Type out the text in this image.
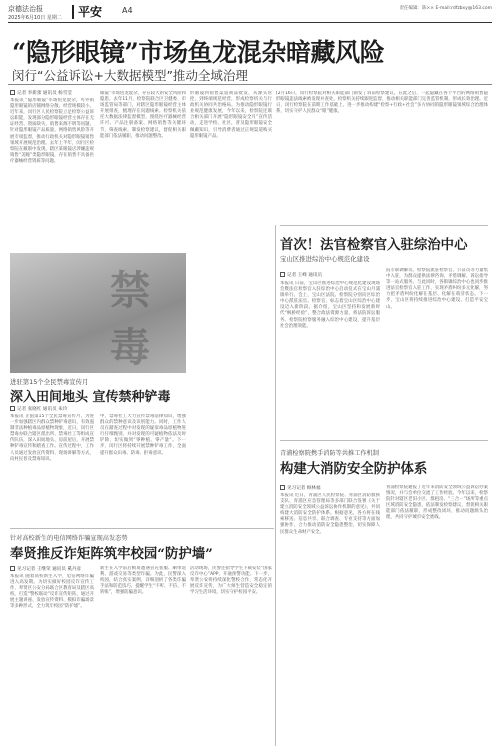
京德法治报
2025年6月10日 星期二 平安 A4	责任编辑：陈×× E-mail:rdfzbxy@163.com
“隐形眼镜”市场鱼龙混杂暗藏风险
闵行“公益诉讼+大数据模型”推动全域治理
记者 李新蕾 通讯员 杨雪莹
本报讯 “隐形眼镜”市场鱼龙混杂，可外销隐形眼镜的店铺网络分散、经营规模较小。近年来，闵行区人民检察院立足检察公益诉讼职能，发现部分隐形眼镜经营主体存在无证经营、资质缺失、销售来源不明等问题，针对隐形眼镜产品质量、网络销售风险等开展专项监督，推动行政机关对隐形眼镜销售领域开展规范治理。去年上半年，闵行区检察院在履职中发现，辖区某眼镜店涉嫌违规销售“美瞳”类隐形眼镜，存在销售不具备医疗器械经营资质等问题。
眼镜”市场鱼龙混杂，存在较大的安全风险和隐患。去年11月，检察院联合区卫健委、市场监管局等部门，对辖区隐形眼镜经营主体开展排查，梳理存在问题线索。检察机关依托大数据法律监督模型，围绕医疗器械经营许可、产品注册备案、网络销售等关键环节，筛查线索，制发检察建议，督促相关职能部门依法履职，推动问题整改。
形眼镜到销售渠道商品批发，从源头管控，到终端规范经营，形成检察机关与行政机关协同共治格局。为推动隐形眼镜行业规范健康发展，今年以来，检察院还联合相关部门开展“隐形眼镜安全月”宣传活动，走进学校、社区，普及隐形眼镜安全佩戴知识，引导消费者通过正规渠道购买隐形眼镜产品。
[2月16日，闵行检察院对相关职能部门制发了诉前检察建议，在此之后，一起隐藏在各个平台的网络销售隐形眼镜违法线索被发现并查处。检察机关持续跟进监督，推动相关职能部门完善监管机制，形成长效治理。近日，闵行检察院在前期工作基础上，进一步推动构建“检察+行政+社会”多方协同的隐形眼镜领域综合治理体系，切实守护人民群众“眼”健康。
禁毒
进驻第15个全民禁毒宣传月
深入田间地头 宣传禁种铲毒
记者 张晓红 通讯员 朱玲
本报讯 正值第15个全民禁毒宣传月，为进一步加强辖区内群众禁种铲毒意识，有效遏制非法种植毒品原植物现象，近日，闵行区禁毒办联合辖区派出所、禁毒社工等组成宣传队伍，深入田间地头、房前屋后，开展禁种铲毒宣传和踏查工作。宣传过程中，工作人员通过发放宣传资料、现场讲解等方式，向村民普及禁毒知识。
中，禁毒社工大力宣传禁毒法律知识，增强群众的禁种意识及识别能力。同时，工作人员在踏查过程中对发现的疑似毒品原植物进行仔细甄别，并对发现的可疑植物依法及时铲除，切实做到“零种植、零产量”。下一步，闵行区将持续开展禁种铲毒工作，全面提升群众识毒、防毒、拒毒意识。
针对高校新生的电信网络诈骗宣现高发态势
奉贤推反诈矩阵筑牢校园“防护墙”
见习记者 王继荣 通讯员 奚丹彦
本报讯 随着高校新生入学，电信网络诈骗进入高发期。为切实做好校园反诈宣传工作，奉贤区公安分局联合区教育局及辖区高校，打造“警校联动”反诈宣传矩阵，通过开展主题讲座、发放宣传资料、模拟诈骗场景等多种形式，全力筑牢校园“防护墙”。
新生在入学前后极易遭遇冒充客服、刷单返利、游戏交易等类型诈骗。为此，民警深入校园，结合真实案例，详细剖析了各类诈骗手法和防范技巧，提醒学生“不听、不信、不转账”，增强防骗意识。
活动现场，民警还指导学生下载安装“国家反诈中心”APP，开通预警功能。下一步，奉贤公安将持续深化警校合作，常态化开展反诈宣传，为广大师生营造安全稳定的学习生活环境，切实守护校园平安。
首次！法官检察官入驻综治中心
宝山区推进综治中心规范化建设
记者 王峰 通讯员
本报讯 日前，宝山区推进综治中心规范化建设现场会暨法官检察官入驻综治中心启动仪式在宝山月浦镇举行。会上，宝山区法院、检察院分别向区综治中心派驻法官、检察官，标志着宝山区综治中心建设迈入新阶段。据介绍，宝山区坚持和发展新时代“枫桥经验”，整合政法资源力量，将法院诉讼服务、检察院检察服务融入综治中心建设，提升基层社会治理效能。
院专职调解员、检察院派驻检察官、公证员等力量集中入驻，为群众提供法律咨询、矛盾调解、诉讼指导等一站式服务。与此同时，各街镇综治中心也同步推进法官检察官入驻工作，实现矛盾纠纷多元化解，努力把矛盾纠纷化解在基层、化解在萌芽状态。下一步，宝山区将持续推进综治中心建设，打造平安宝山。
青浦检察院携手消防等共推工作机制
构建大消防安全防护体系
见习记者 顾林福
本报讯 近日，青浦区人民检察院、青浦区消防救援支队、青浦区应急管理局等多部门联合签署《关于建立消防安全领域公益诉讼协作机制的意见》，共同构建大消防安全防护体系。根据意见，各方将在线索移送、信息共享、联合调查、专业支持等方面加强协作，合力推动消防安全隐患整治，切实保障人民群众生命财产安全。
青浦检察院通报了近年来消防安全领域公益诉讼办案情况，并与会单位交流了工作经验。今年以来，检察院针对辖区老旧小区、群租房、“三合一”场所等重点区域消防安全隐患，依法制发检察建议，督促相关职能部门依法履职，形成整改闭环，推动问题源头治理，共同守护城市安全底线。
